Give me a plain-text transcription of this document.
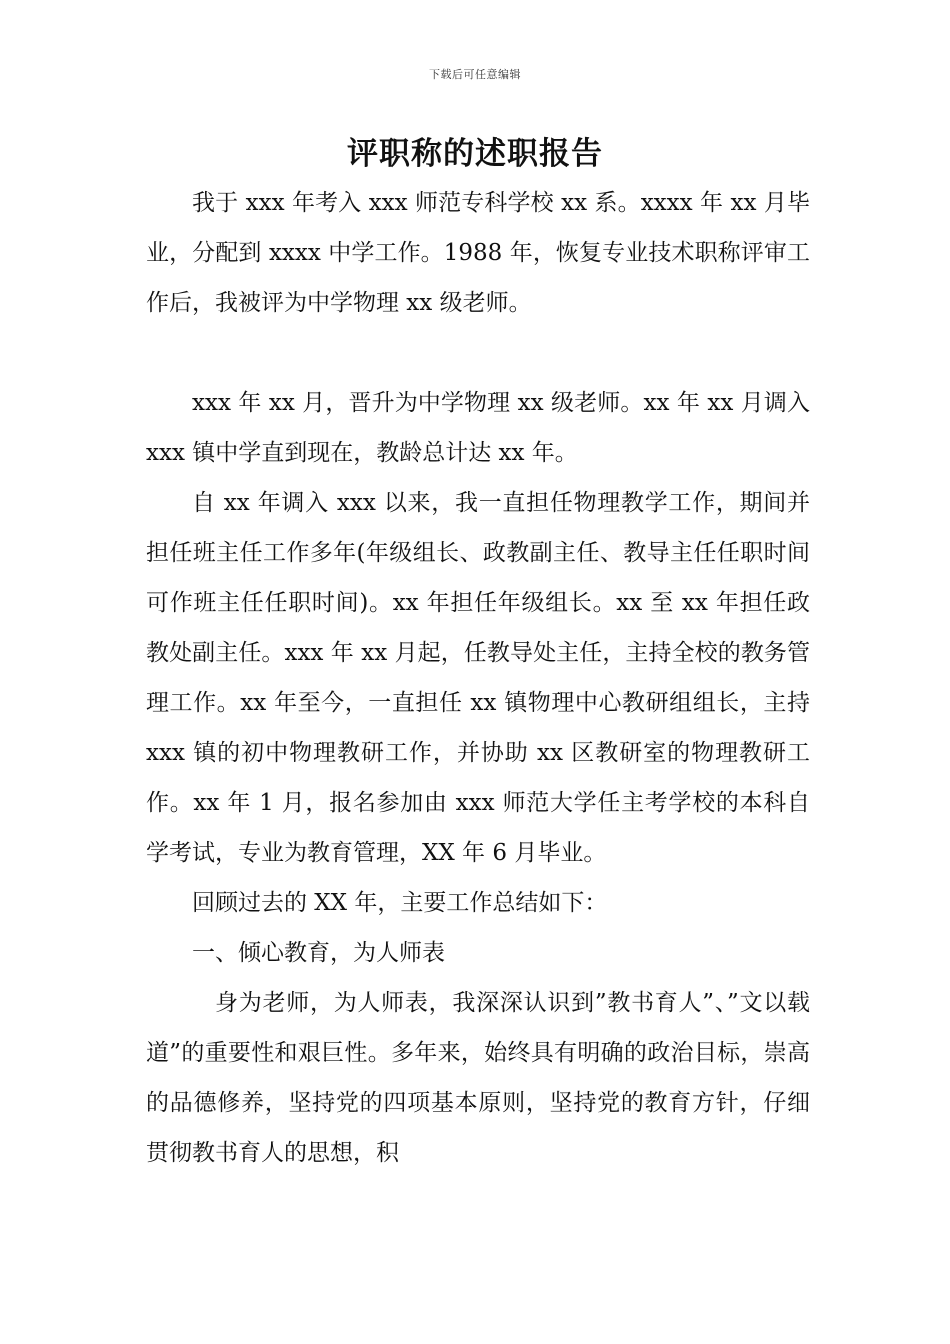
下载后可任意编辑
评职称的述职报告

我于 xxx 年考入 xxx 师范专科学校 xx 系。xxxx 年 xx 月毕业，分配到 xxxx 中学工作。1988 年，恢复专业技术职称评审工作后，我被评为中学物理 xx 级老师。

xxx 年 xx 月，晋升为中学物理 xx 级老师。xx 年 xx 月调入 xxx 镇中学直到现在，教龄总计达 xx 年。

自 xx 年调入 xxx 以来，我一直担任物理教学工作，期间并担任班主任工作多年(年级组长、政教副主任、教导主任任职时间可作班主任任职时间)。xx 年担任年级组长。xx 至 xx 年担任政教处副主任。xxx 年 xx 月起，任教导处主任，主持全校的教务管理工作。xx 年至今，一直担任 xx 镇物理中心教研组组长，主持 xxx 镇的初中物理教研工作，并协助 xx 区教研室的物理教研工作。xx 年 1 月，报名参加由 xxx 师范大学任主考学校的本科自学考试，专业为教育管理，XX 年 6 月毕业。

回顾过去的 XX 年，主要工作总结如下：

一、倾心教育，为人师表

身为老师，为人师表，我深深认识到”教书育人”、”文以载道”的重要性和艰巨性。多年来，始终具有明确的政治目标，崇高的品德修养，坚持党的四项基本原则，坚持党的教育方针，仔细贯彻教书育人的思想，积
